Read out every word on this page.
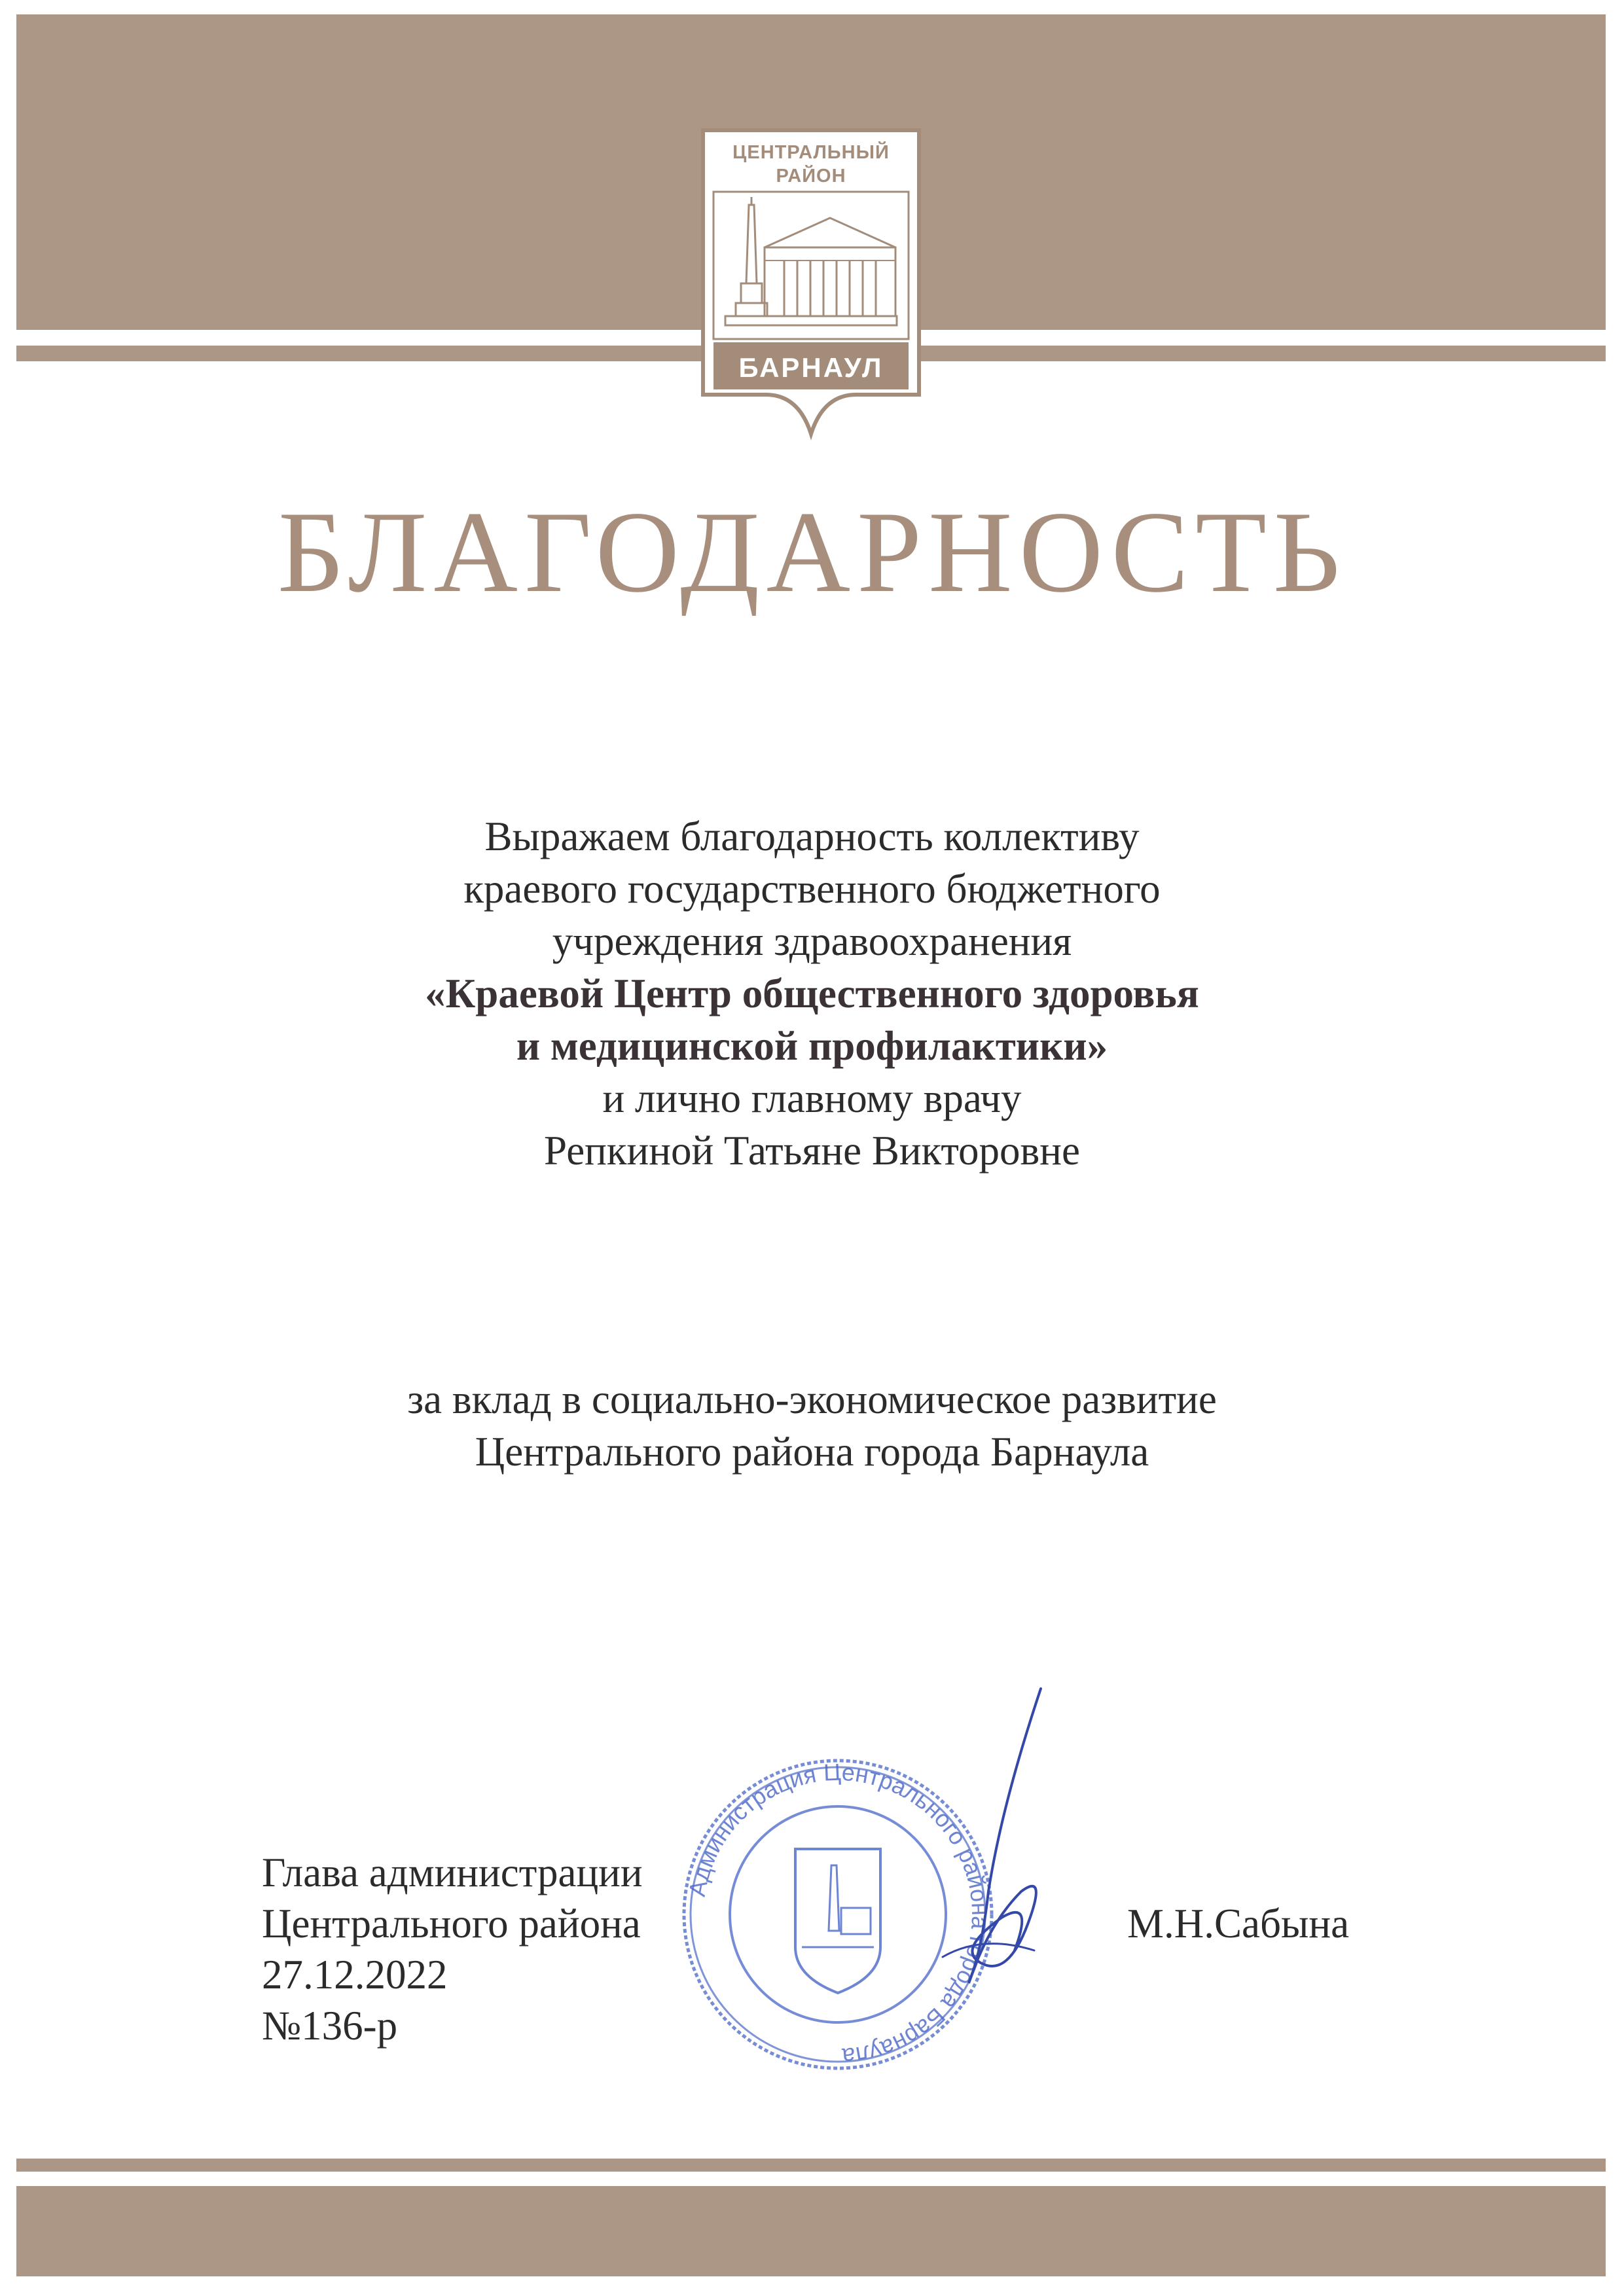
ЦЕНТРАЛЬНЫЙ
РАЙОН
БАРНАУЛ
БЛАГОДАРНОСТЬ
Выражаем благодарность коллективу
краевого государственного бюджетного
учреждения здравоохранения
«Краевой Центр общественного здоровья
и медицинской профилактики»
и лично главному врачу
Репкиной Татьяне Викторовне
за вклад в социально-экономическое развитие
Центрального района города Барнаула
Администрация Центрального района города Барнаула
Глава администрации
Центрального района
27.12.2022
№136-р
М.Н.Сабына
